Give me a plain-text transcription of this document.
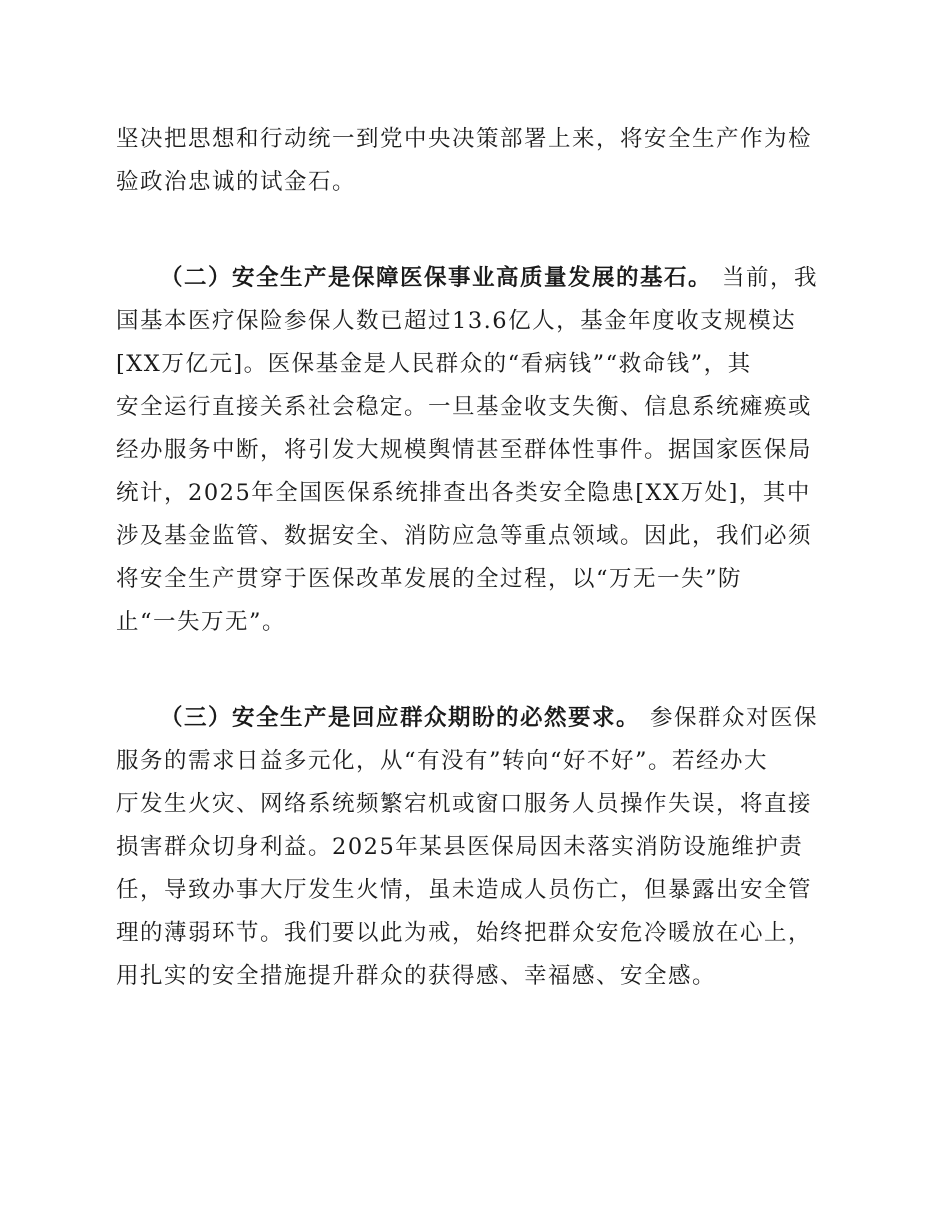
坚决把思想和行动统一到党中央决策部署上来，将安全生产作为检
验政治忠诚的试金石。
（二）安全生产是保障医保事业高质量发展的基石。 当前，我
国基本医疗保险参保人数已超过13.6亿人，基金年度收支规模达
[XX万亿元]。医保基金是人民群众的“看病钱”“救命钱”，其
安全运行直接关系社会稳定。一旦基金收支失衡、信息系统瘫痪或
经办服务中断，将引发大规模舆情甚至群体性事件。据国家医保局
统计，2025年全国医保系统排查出各类安全隐患[XX万处]，其中
涉及基金监管、数据安全、消防应急等重点领域。因此，我们必须
将安全生产贯穿于医保改革发展的全过程，以“万无一失”防
止“一失万无”。
（三）安全生产是回应群众期盼的必然要求。 参保群众对医保
服务的需求日益多元化，从“有没有”转向“好不好”。若经办大
厅发生火灾、网络系统频繁宕机或窗口服务人员操作失误，将直接
损害群众切身利益。2025年某县医保局因未落实消防设施维护责
任，导致办事大厅发生火情，虽未造成人员伤亡，但暴露出安全管
理的薄弱环节。我们要以此为戒，始终把群众安危冷暖放在心上，
用扎实的安全措施提升群众的获得感、幸福感、安全感。
